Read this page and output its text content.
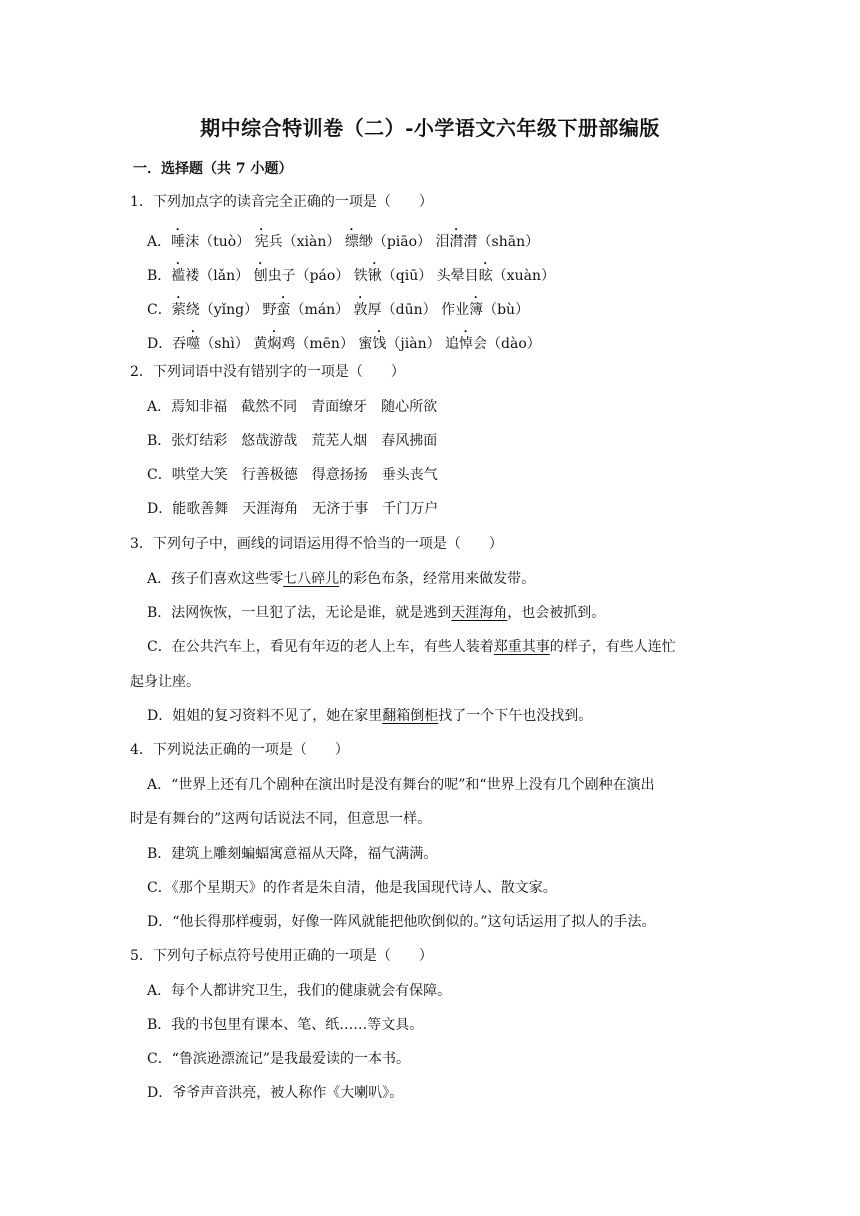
期中综合特训卷（二）-小学语文六年级下册部编版
一．选择题（共 7 小题）
1．下列加点字的读音完全正确的一项是（　　）
A．唾沫（tuò） 宪兵（xiàn） 缥缈（piāo） 泪潸潸（shān）
B．褴褛（lǎn） 刨虫子（páo） 铁锹（qiū） 头晕目眩（xuàn）
C．萦绕（yǐng） 野蛮（mán） 敦厚（dūn） 作业簿（bù）
D．吞噬（shì） 黄焖鸡（mēn） 蜜饯（jiàn） 追悼会（dào）
2．下列词语中没有错别字的一项是（　　）
A．焉知非福　截然不同　青面缭牙　随心所欲
B．张灯结彩　悠哉游哉　荒芜人烟　春风拂面
C．哄堂大笑　行善极德　得意扬扬　垂头丧气
D．能歌善舞　天涯海角　无济于事　千门万户
3．下列句子中，画线的词语运用得不恰当的一项是（　　）
A．孩子们喜欢这些零七八碎儿的彩色布条，经常用来做发带。
B．法网恢恢，一旦犯了法，无论是谁，就是逃到天涯海角，也会被抓到。
C．在公共汽车上，看见有年迈的老人上车，有些人装着郑重其事的样子，有些人连忙
起身让座。
D．姐姐的复习资料不见了，她在家里翻箱倒柜找了一个下午也没找到。
4．下列说法正确的一项是（　　）
A．“世界上还有几个剧种在演出时是没有舞台的呢”和“世界上没有几个剧种在演出
时是有舞台的”这两句话说法不同，但意思一样。
B．建筑上雕刻蝙蝠寓意福从天降，福气满满。
C．《那个星期天》的作者是朱自清，他是我国现代诗人、散文家。
D．“他长得那样瘦弱，好像一阵风就能把他吹倒似的。”这句话运用了拟人的手法。
5．下列句子标点符号使用正确的一项是（　　）
A．每个人都讲究卫生，我们的健康就会有保障。
B．我的书包里有课本、笔、纸……等文具。
C．“鲁滨逊漂流记”是我最爱读的一本书。
D．爷爷声音洪亮，被人称作《大喇叭》。
